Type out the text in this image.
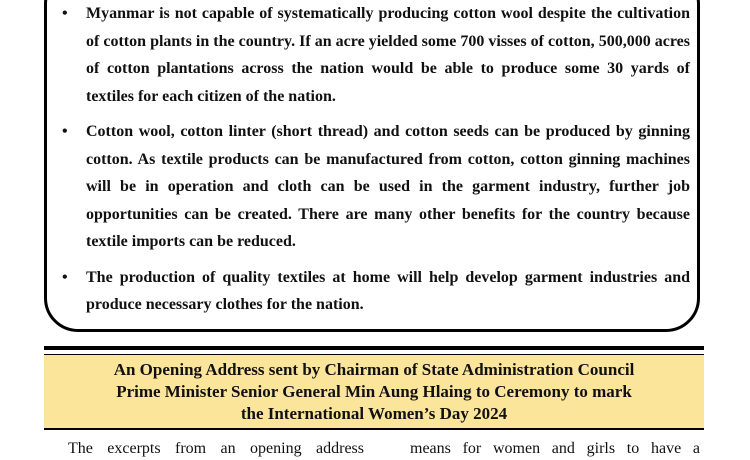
• Myanmar is not capable of systematically producing cotton wool despite the cultivation of cotton plants in the country. If an acre yielded some 700 visses of cotton, 500,000 acres of cotton plantations across the nation would be able to produce some 30 yards of textiles for each citizen of the nation.
• Cotton wool, cotton linter (short thread) and cotton seeds can be produced by ginning cotton. As textile products can be manufactured from cotton, cotton ginning machines will be in operation and cloth can be used in the garment industry, further job opportunities can be created. There are many other benefits for the country because textile imports can be reduced.
• The production of quality textiles at home will help develop garment industries and produce necessary clothes for the nation.
An Opening Address sent by Chairman of State Administration Council
Prime Minister Senior General Min Aung Hlaing to Ceremony to mark
the International Women’s Day 2024
The excerpts from an opening address	means for women and girls to have a
